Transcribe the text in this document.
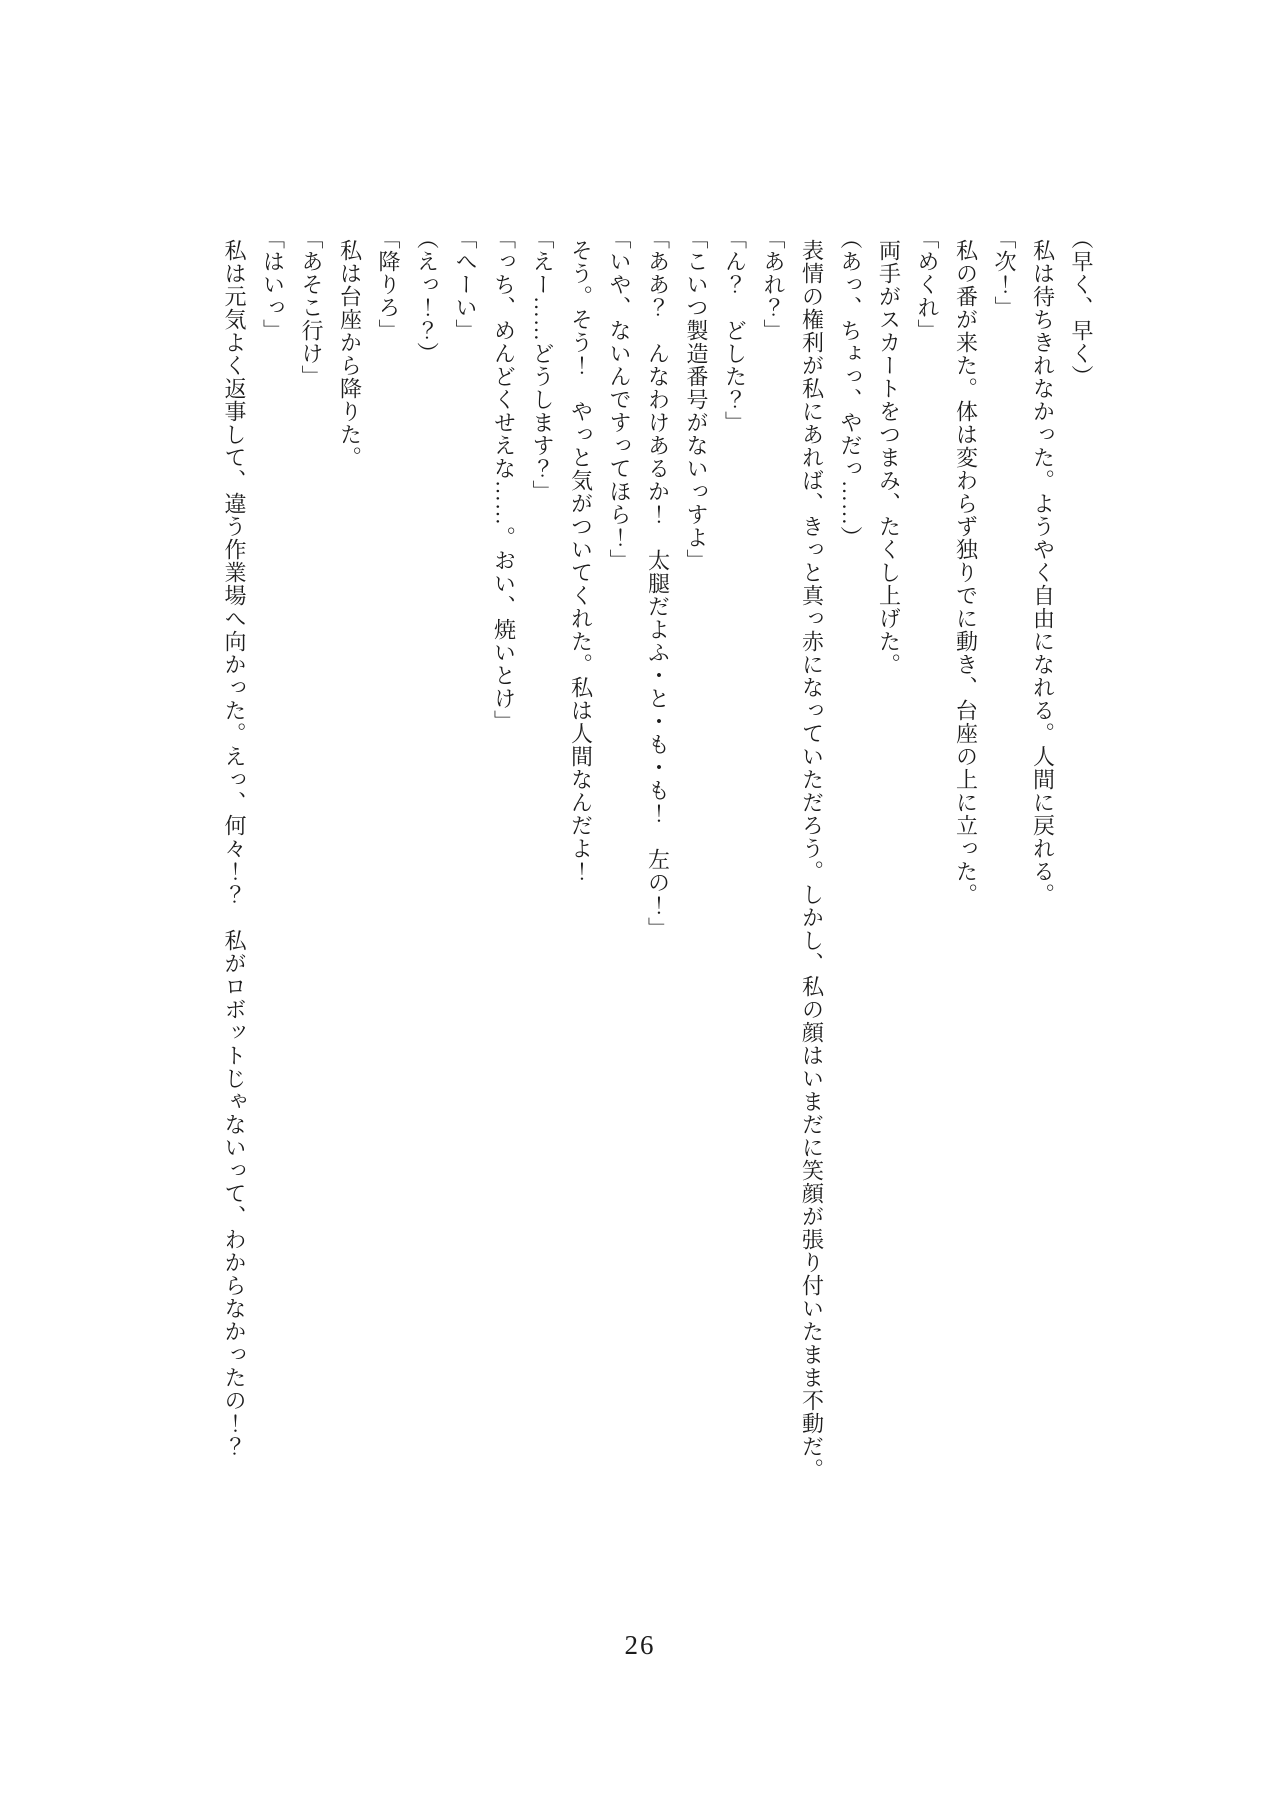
（早く、早く）

私は待ちきれなかった。ようやく自由になれる。人間に戻れる。

「次！」

私の番が来た。体は変わらず独りでに動き、台座の上に立った。

「めくれ」

両手がスカートをつまみ、たくし上げた。

（あっ、ちょっ、やだっ……）

表情の権利が私にあれば、きっと真っ赤になっていただろう。しかし、私の顔はいまだに笑顔が張り付いたまま不動だ。

「あれ？」

「ん？　どした？」

「こいつ製造番号がないっすよ」

「ああ？　んなわけあるか！　太腿だよふ・と・も・も！　左の！」

「いや、ないんですってほら！」

そう。そう！　やっと気がついてくれた。私は人間なんだよ！

「えー……どうします？」

「っち、めんどくせえな……。おい、焼いとけ」

「へーい」

（えっ！？）

「降りろ」

私は台座から降りた。

「あそこ行け」

「はいっ」

私は元気よく返事して、違う作業場へ向かった。えっ、何々！？　私がロボットじゃないって、わからなかったの！？

26
